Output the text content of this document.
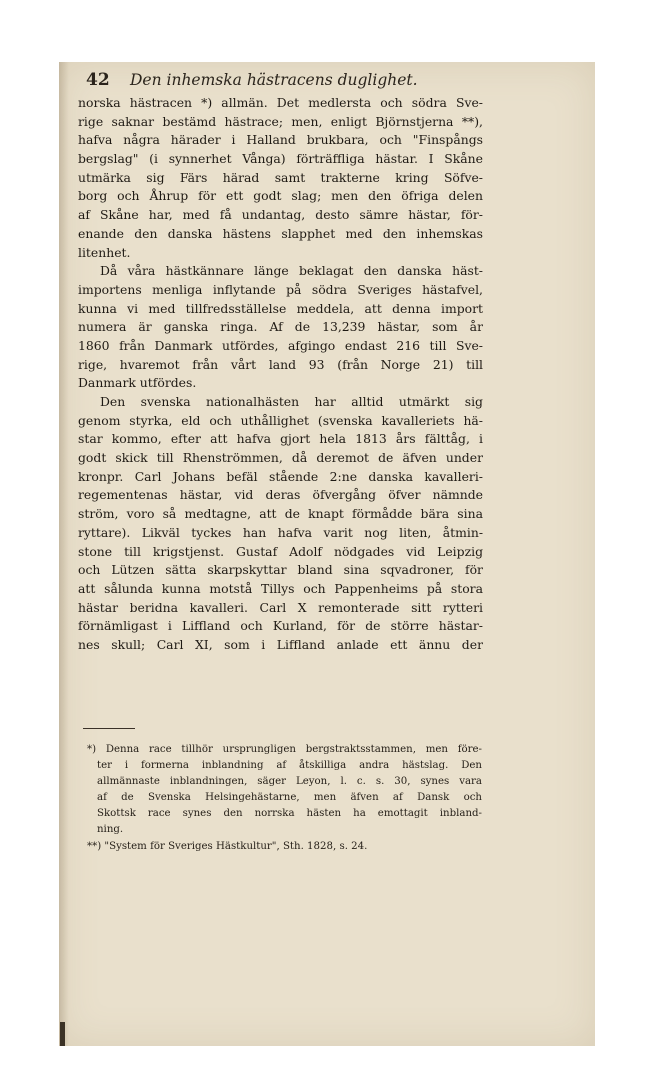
42 Den inhemska hästracens duglighet.
norska hästracen *) allmän. Det medlersta och södra Sve-
rige saknar bestämd hästrace; men, enligt Björnstjerna **),
hafva några härader i Halland brukbara, och "Finspångs
bergslag" (i synnerhet Vånga) förträffliga hästar. I Skåne
utmärka sig Färs härad samt trakterne kring Söfve-
borg och Åhrup för ett godt slag; men den öfriga delen
af Skåne har, med få undantag, desto sämre hästar, för-
enande den danska hästens slapphet med den inhemskas
litenhet.
Då våra hästkännare länge beklagat den danska häst-
importens menliga inflytande på södra Sveriges hästafvel,
kunna vi med tillfredsställelse meddela, att denna import
numera är ganska ringa. Af de 13,239 hästar, som år
1860 från Danmark utfördes, afgingo endast 216 till Sve-
rige, hvaremot från vårt land 93 (från Norge 21) till
Danmark utfördes.
Den svenska nationalhästen har alltid utmärkt sig
genom styrka, eld och uthållighet (svenska kavalleriets hä-
star kommo, efter att hafva gjort hela 1813 års fälttåg, i
godt skick till Rhenströmmen, då deremot de äfven under
kronpr. Carl Johans befäl stående 2:ne danska kavalleri-
regementenas hästar, vid deras öfvergång öfver nämnde
ström, voro så medtagne, att de knapt förmådde bära sina
ryttare). Likväl tyckes han hafva varit nog liten, åtmin-
stone till krigstjenst. Gustaf Adolf nödgades vid Leipzig
och Lützen sätta skarpskyttar bland sina sqvadroner, för
att sålunda kunna motstå Tillys och Pappenheims på stora
hästar beridna kavalleri. Carl X remonterade sitt rytteri
förnämligast i Liffland och Kurland, för de större hästar-
nes skull; Carl XI, som i Liffland anlade ett ännu der
*) Denna race tillhör ursprungligen bergstraktsstammen, men före-
ter i formerna inblandning af åtskilliga andra hästslag. Den
allmännaste inblandningen, säger Leyon, l. c. s. 30, synes vara
af de Svenska Helsingehästarne, men äfven af Dansk och
Skottsk race synes den norrska hästen ha emottagit inbland-
ning.
**) "System för Sveriges Hästkultur", Sth. 1828, s. 24.
